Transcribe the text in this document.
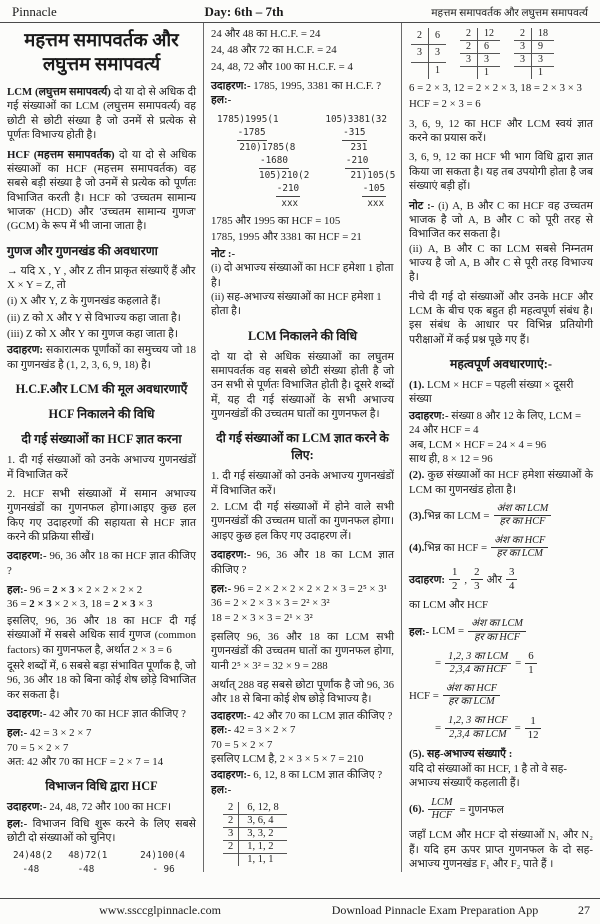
Pinnacle	Day: 6th – 7th	महत्तम समापवर्तक और लघुत्तम समापवर्त्य
महत्तम समापवर्तक और
लघुत्तम समापवर्त्य

LCM (लघुत्तम समापवर्त्य) दो या दो से अधिक दी गई संख्याओं का LCM (लघुत्तम समापवर्त्य) वह छोटी से छोटी संख्या है जो उनमें से प्रत्येक से पूर्णतः विभाज्य होती है।

HCF (महत्तम समापवर्तक) दो या दो से अधिक संख्याओं का HCF (महत्तम समापवर्तक) वह सबसे बड़ी संख्या है जो उनमें से प्रत्येक को पूर्णतः विभाजित करती है। HCF को 'उच्चतम सामान्य भाजक' (HCD) और 'उच्चतम सामान्य गुणज' (GCM) के रूप में भी जाना जाता है।

गुणज और गुणनखंड की अवधारणा

→ यदि X , Y , और Z तीन प्राकृत संख्याएँ हैं और X × Y = Z, तो

(i) X और Y, Z के गुणनखंड कहलाते हैं।

(ii) Z को X और Y से विभाज्य कहा जाता है।

(iii) Z को X और Y का गुणज कहा जाता है।

उदाहरण: सकारात्मक पूर्णांकों का समुच्चय जो 18 का गुणनखंड है (1, 2, 3, 6, 9, 18) है।

H.C.F.और LCM की मूल अवधारणाएँ
HCF निकालने की विधि
दी गई संख्याओं का HCF ज्ञात करना

1. दी गई संख्याओं को उनके अभाज्य गुणनखंडों में विभाजित करें

2. HCF सभी संख्याओं में समान अभाज्य गुणनखंडों का गुणनफल होगा।आइए कुछ हल किए गए उदाहरणों की सहायता से HCF ज्ञात करने की प्रक्रिया सीखें।

उदाहरण:- 96, 36 और 18 का HCF ज्ञात कीजिए ?

हल:- 96 = 2 × 3 × 2 × 2 × 2 × 2
36 = 2 × 3 × 2 × 3, 18 = 2 × 3 × 3

इसलिए, 96, 36 और 18 का HCF दी गई संख्याओं में सबसे अधिक सार्व गुणज (common factors) का गुणनफल है, अर्थात 2 × 3 = 6

दूसरे शब्दों में, 6 सबसे बड़ा संभावित पूर्णांक है, जो 96, 36 और 18 को बिना कोई शेष छोड़े विभाजित कर सकता है।

उदाहरण:- 42 और 70 का HCF ज्ञात कीजिए ?

हल:- 42 = 3 × 2 × 7
70 = 5 × 2 × 7
अत: 42 और 70 का HCF = 2 × 7 = 14

विभाजन विधि द्वारा HCF

उदाहरण:- 24, 48, 72 और 100 का HCF।

हल:- विभाजन विधि शुरू करने के लिए सबसे छोटी दो संख्याओं को चुनिए।

24)48(2
-48
48)72(1
-48
24)100(4
- 96

24 और 48 का H.C.F. = 24

24, 48 और 72 का H.C.F. = 24

24, 48, 72 और 100 का H.C.F. = 4

उदाहरण:- 1785, 1995, 3381 का H.C.F. ?
हल:-

1785)1995(1
-1785
210)1785(8
-1680
105)210(2
-210
xxx
105)3381(32
-315
231
-210
21)105(5
-105
xxx

1785 और 1995 का HCF = 105

1785, 1995 और 3381 का HCF = 21

नोट :-
(i) दो अभाज्य संख्याओं का HCF हमेशा 1 होता है।
(ii) सह-अभाज्य संख्याओं का HCF हमेशा 1 होता है।

LCM निकालने की विधि

दो या दो से अधिक संख्याओं का लघुतम समापवर्तक वह सबसे छोटी संख्या होती है जो उन सभी से पूर्णतः विभाजित होती है। दूसरे शब्दों में, यह दी गई संख्याओं के सभी अभाज्य गुणनखंडों की उच्चतम घातों का गुणनफल है।

दी गई संख्याओं का LCM ज्ञात करने के लिए:

1. दी गई संख्याओं को उनके अभाज्य गुणनखंडों में विभाजित करें।

2. LCM दी गई संख्याओं में होने वाले सभी गुणनखंडों की उच्चतम घातों का गुणनफल होगा। आइए कुछ हल किए गए उदाहरण लें।

उदाहरण:- 96, 36 और 18 का LCM ज्ञात कीजिए ?

हल:- 96 = 2 × 2 × 2 × 2 × 2 × 3 = 2⁵ × 3¹
36 = 2 × 2 × 3 × 3 = 2² × 3²
18 = 2 × 3 × 3 = 2¹ × 3²

इसलिए 96, 36 और 18 का LCM सभी गुणनखंडों की उच्चतम घातों का गुणनफल होगा, यानी 2⁵ × 3² = 32 × 9 = 288

अर्थात् 288 वह सबसे छोटा पूर्णांक है जो 96, 36 और 18 से बिना कोई शेष छोड़े विभाज्य है।

उदाहरण:- 42 और 70 का LCM ज्ञात कीजिए ?
हल:- 42 = 3 × 2 × 7
70 = 5 × 2 × 7
इसलिए LCM है, 2 × 3 × 5 × 7 = 210

उदाहरण:- 6, 12, 8 का LCM ज्ञात कीजिए ?
हल:-

2	6, 12, 8
2	3, 6, 4
3	3, 3, 2
2	1, 1, 2
	1, 1, 1

2	6
3	3
	1
2	12
2	6
3	3
	1
2	18
3	9
3	3
	1

6 = 2 × 3, 12 = 2 × 2 × 3, 18 = 2 × 3 × 3

HCF = 2 × 3 = 6

3, 6, 9, 12 का HCF और LCM स्वयं ज्ञात करने का प्रयास करें।

3, 6, 9, 12 का HCF भी भाग विधि द्वारा ज्ञात किया जा सकता है। यह तब उपयोगी होता है जब संख्याएं बड़ी हों।

नोट :- (i) A, B और C का HCF वह उच्चतम भाजक है जो A, B और C को पूरी तरह से विभाजित कर सकता है।
(ii) A, B और C का LCM सबसे निम्नतम भाज्य है जो A, B और C से पूरी तरह विभाज्य है।

नीचे दी गई दो संख्याओं और उनके HCF और LCM के बीच एक बहुत ही महत्वपूर्ण संबंध है। इस संबंध के आधार पर विभिन्न प्रतियोगी परीक्षाओं में कई प्रश्न पूछे गए हैं।

महत्वपूर्ण अवधारणाएं:-

(1). LCM × HCF = पहली संख्या × दूसरी संख्या

उदाहरण:- संख्या 8 और 12 के लिए, LCM = 24 और HCF = 4
अब, LCM × HCF = 24 × 4 = 96
साथ ही, 8 × 12 = 96

(2). कुछ संख्याओं का HCF हमेशा संख्याओं के LCM का गुणनखंड होता है।

(3). भिन्न का LCM =
अंश का LCM
हर का HCF
(4). भिन्न का HCF =
अंश का HCF
हर का LCM
उदाहरण: $\frac{1}{2}$ , $\frac{2}{3}$ और $\frac{3}{4}$
का LCM और HCF
हल:-
LCM =
अंश का LCM
हर का HCF
=
1,2, 3 का LCM
2,3,4 का HCF = $\frac{6}{1}$
HCF =
अंश का HCF
हर का LCM
=
1,2, 3 का HCF
2,3,4 का LCM = $\frac{1}{12}$

(5). सह-अभाज्य संख्याएँ :
यदि दो संख्याओं का HCF, 1 है तो वे सह-अभाज्य संख्याएँ कहलाती हैं।

(6).
LCM
HCF = गुणनफल

जहाँ LCM और HCF दो संख्याओं N₁ और N₂ हैं। यदि हम ऊपर प्राप्त गुणनफल के दो सह-अभाज्य गुणनखंड F₁ और F₂ पाते हैं ।

www.ssccglpinnacle.com	Download Pinnacle Exam Preparation App	27
